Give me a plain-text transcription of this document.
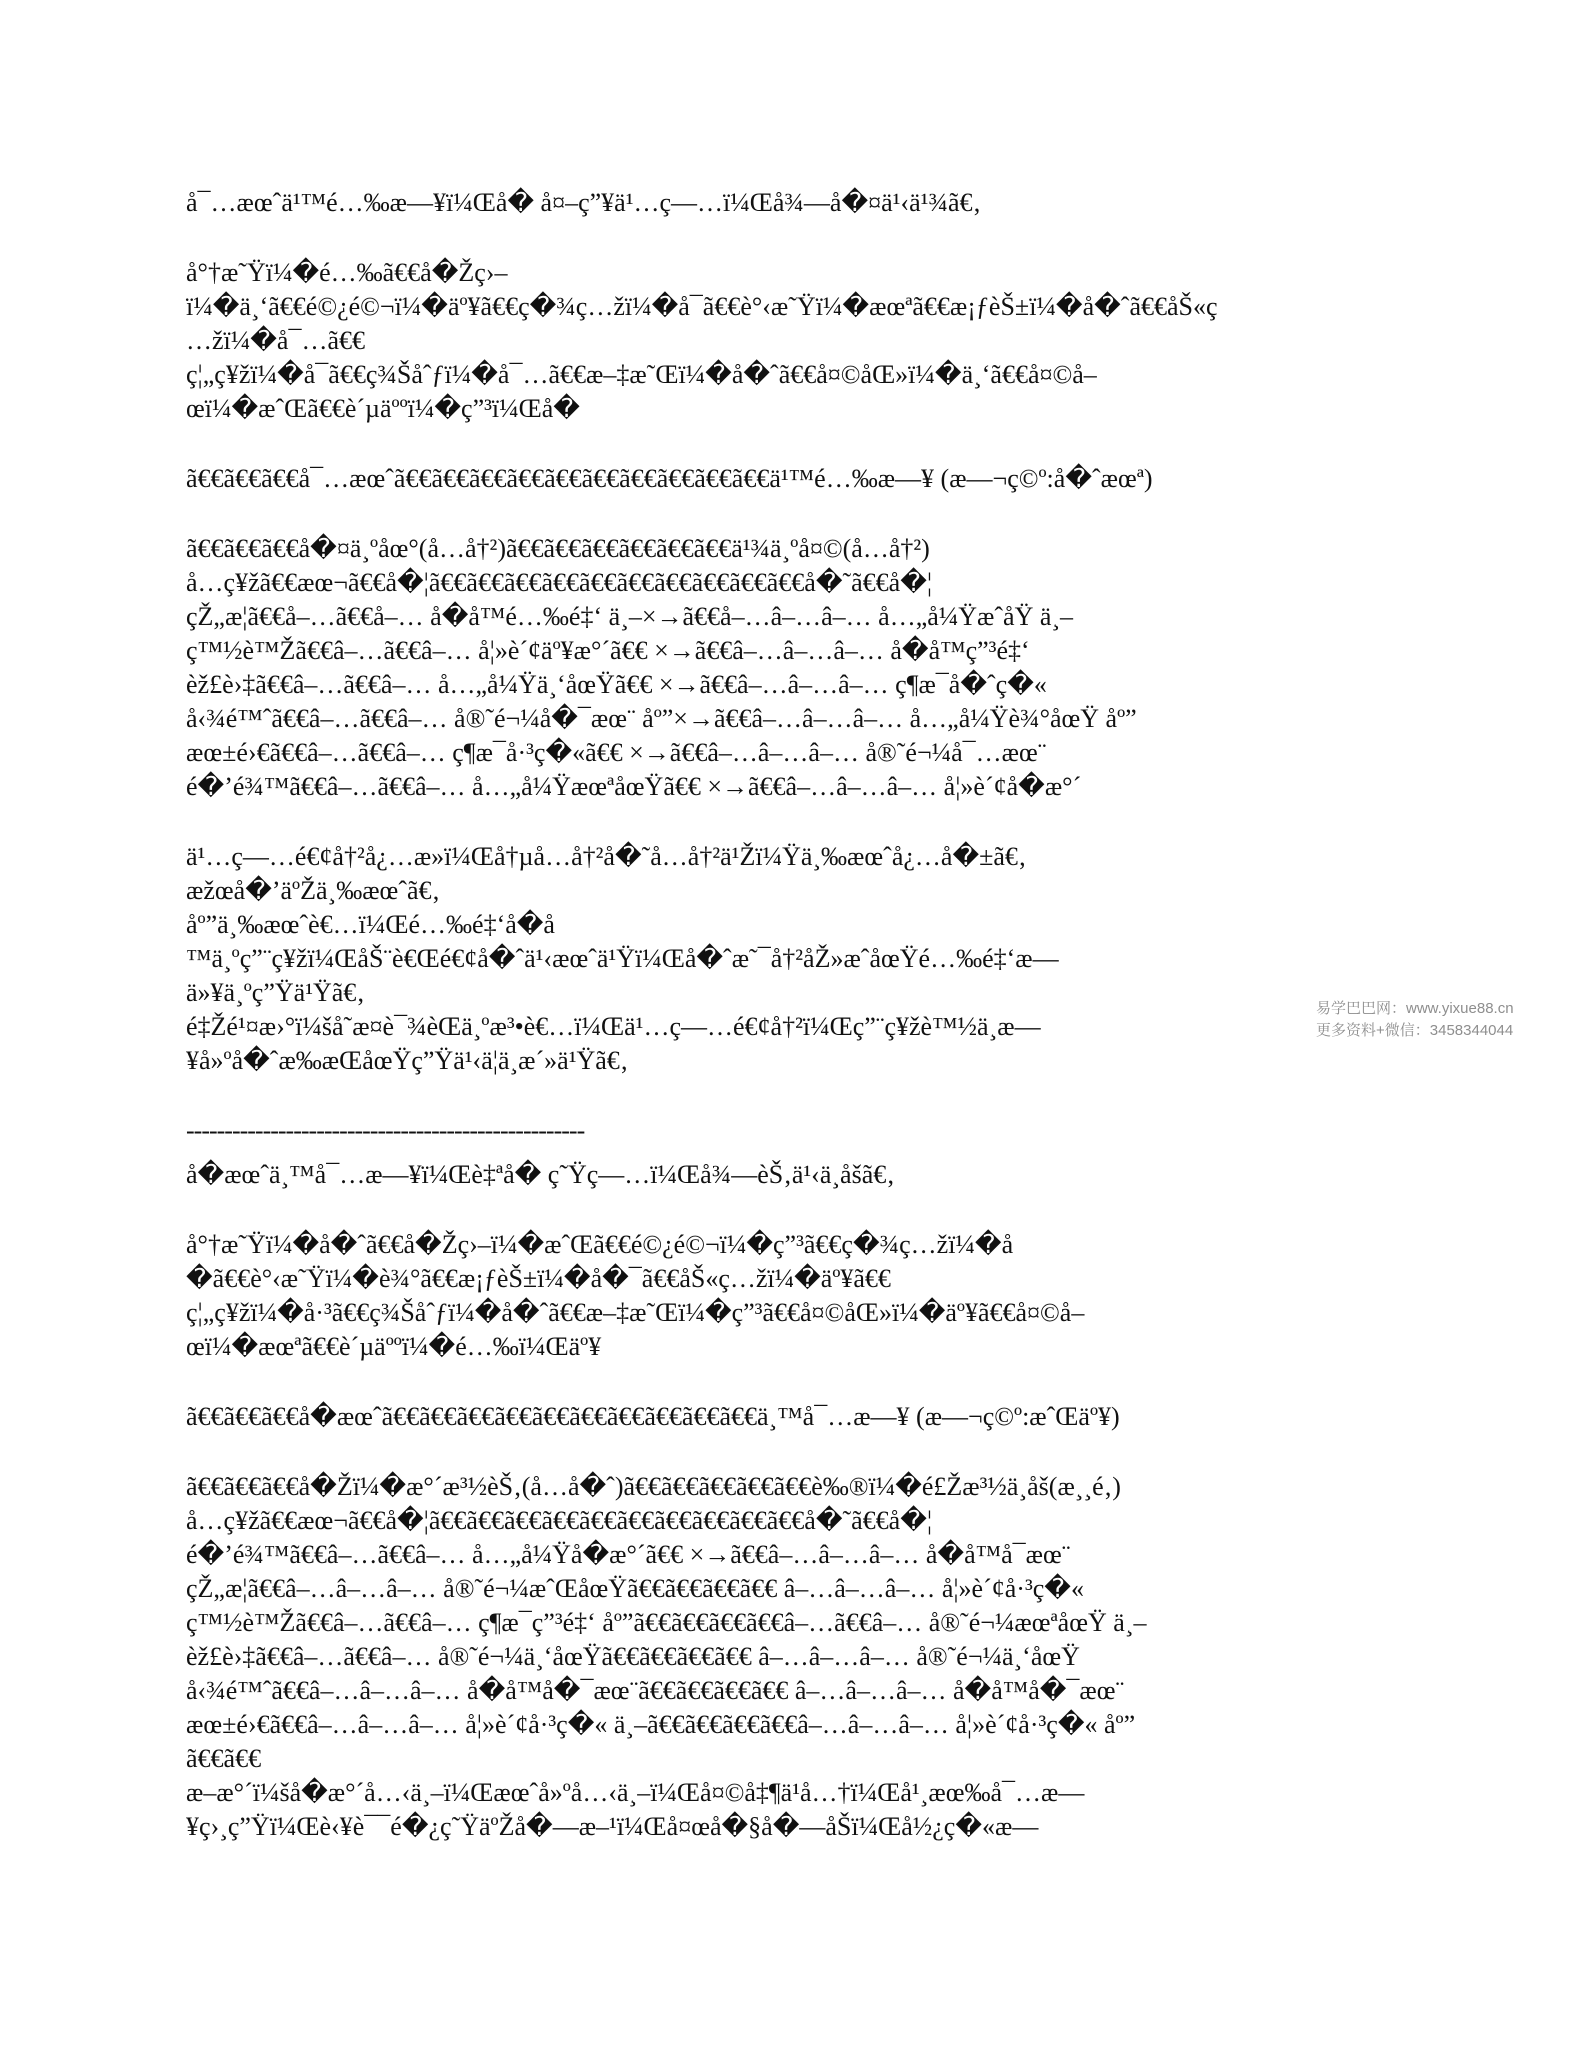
å¯…æœˆä¹™é…‰æ—¥ï¼Œå� å¤–ç”¥ä¹…ç—…ï¼Œå¾—å�¤ä¹‹ä¹¾ã€‚
å°†æ˜Ÿï¼�é…‰ã€€å�Žç›–
ï¼�ä¸‘ã€€é©¿é©¬ï¼�äº¥ã€€ç�¾ç…žï¼�å¯ã€€è°‹æ˜Ÿï¼�æœªã€€æ¡ƒèŠ±ï¼�å�ˆã€€åŠ«ç
…žï¼�å¯…ã€€
ç¦„ç¥žï¼�å¯ã€€ç¾Šåˆƒï¼�å¯…ã€€æ–‡æ˜Œï¼�å�ˆã€€å¤©åŒ»ï¼�ä¸‘ã€€å¤©å–
œï¼�æˆŒã€€è´µäººï¼�ç”³ï¼Œå�
ã€€ã€€ã€€å¯…æœˆã€€ã€€ã€€ã€€ã€€ã€€ã€€ã€€ã€€ã€€ä¹™é…‰æ—¥ (æ—¬ç©º:å�ˆæœª)
ã€€ã€€ã€€å�¤ä¸ºåœ°(å…å†²)ã€€ã€€ã€€ã€€ã€€ã€€ä¹¾ä¸ºå¤©(å…å†²)
å…ç¥žã€€æœ¬ã€€å�¦ã€€ã€€ã€€ã€€ã€€ã€€ã€€ã€€ã€€ã€€å�˜ã€€å�¦
çŽ„æ¦ã€€å–…ã€€å–… å�å™é…‰é‡‘ ä¸–×→ã€€å–…â–…â–… å…„å¼ŸæˆåŸ ä¸–
ç™½è™Žã€€â–…ã€€â–… å¦»è´¢äº¥æ°´ã€€ ×→ã€€â–…â–…â–… å�å™ç”³é‡‘
èž£è›‡ã€€â–…ã€€â–… å…„å¼Ÿä¸‘åœŸã€€ ×→ã€€â–…â–…â–… ç¶æ¯å�ˆç�«
å‹¾é™ˆã€€â–…ã€€â–… å®˜é¬¼å�¯æœ¨ åº”×→ã€€â–…â–…â–… å…„å¼Ÿè¾°åœŸ åº”
æœ±é›€ã€€â–…ã€€â–… ç¶æ¯å·³ç�«ã€€ ×→ã€€â–…â–…â–… å®˜é¬¼å¯…æœ¨
é�’é¾™ã€€â–…ã€€â–… å…„å¼ŸæœªåœŸã€€ ×→ã€€â–…â–…â–… å¦»è´¢å�æ°´
ä¹…ç—…é€¢å†²å¿…æ»ï¼Œå†µå…å†²å�˜å…å†²ä¹Žï¼Ÿä¸‰æœˆå¿…å�±ã€‚
æžœå�’äºŽä¸‰æœˆã€‚
åº”ä¸‰æœˆè€…ï¼Œé…‰é‡‘å�å
™ä¸ºç”¨ç¥žï¼ŒåŠ¨è€Œé€¢å�ˆä¹‹æœˆä¹Ÿï¼Œå�ˆæ˜¯å†²åŽ»æˆåœŸé…‰é‡‘æ—
ä»¥ä¸ºç”Ÿä¹Ÿã€‚
é‡Žé¹¤æ›°ï¼šå˜æ¤è¯¾èŒä¸ºæ³•è€…ï¼Œä¹…ç—…é€¢å†²ï¼Œç”¨ç¥žè™½ä¸æ—
¥å»ºå�ˆæ‰æŒåœŸç”Ÿä¹‹ä¦ä¸æ´»ä¹Ÿã€‚
----------------------------------------------------
å�æœˆä¸™å¯…æ—¥ï¼Œè‡ªå� ç˜Ÿç—…ï¼Œå¾—èŠ‚ä¹‹ä¸åšã€‚
å°†æ˜Ÿï¼�å�ˆã€€å�Žç›–ï¼�æˆŒã€€é©¿é©¬ï¼�ç”³ã€€ç�¾ç…žï¼�å
�ã€€è°‹æ˜Ÿï¼�è¾°ã€€æ¡ƒèŠ±ï¼�å�¯ã€€åŠ«ç…žï¼�äº¥ã€€
ç¦„ç¥žï¼�å·³ã€€ç¾Šåˆƒï¼�å�ˆã€€æ–‡æ˜Œï¼�ç”³ã€€å¤©åŒ»ï¼�äº¥ã€€å¤©å–
œï¼�æœªã€€è´µäººï¼�é…‰ï¼Œäº¥
ã€€ã€€ã€€å�æœˆã€€ã€€ã€€ã€€ã€€ã€€ã€€ã€€ã€€ã€€ä¸™å¯…æ—¥ (æ—¬ç©º:æˆŒäº¥)
ã€€ã€€ã€€å�Žï¼�æ°´æ³½èŠ‚(å…å�ˆ)ã€€ã€€ã€€ã€€ã€€è‰®ï¼�é£Žæ³½ä¸åš(æ¸¸é‚)
å…ç¥žã€€æœ¬ã€€å�¦ã€€ã€€ã€€ã€€ã€€ã€€ã€€ã€€ã€€ã€€å�˜ã€€å�¦
é�’é¾™ã€€â–…ã€€â–… å…„å¼Ÿå�æ°´ã€€ ×→ã€€â–…â–…â–… å�å™å¯æœ¨
çŽ„æ¦ã€€â–…â–…â–… å®˜é¬¼æˆŒåœŸã€€ã€€ã€€ã€€ â–…â–…â–… å¦»è´¢å·³ç�«
ç™½è™Žã€€â–…ã€€â–… ç¶æ¯ç”³é‡‘ åº”ã€€ã€€ã€€ã€€â–…ã€€â–… å®˜é¬¼æœªåœŸ ä¸–
èž£è›‡ã€€â–…ã€€â–… å®˜é¬¼ä¸‘åœŸã€€ã€€ã€€ã€€ â–…â–…â–… å®˜é¬¼ä¸‘åœŸ
å‹¾é™ˆã€€â–…â–…â–… å�å™å�¯æœ¨ã€€ã€€ã€€ã€€ â–…â–…â–… å�å™å�¯æœ¨
æœ±é›€ã€€â–…â–…â–… å¦»è´¢å·³ç�« ä¸–ã€€ã€€ã€€ã€€â–…â–…â–… å¦»è´¢å·³ç�« åº”
ã€€ã€€
æ–æ°´ï¼šå�æ°´å…‹ä¸–ï¼Œæœˆå»ºå…‹ä¸–ï¼Œå¤©å‡¶ä¹å…†ï¼Œå¹¸æœ‰å¯…æ—
¥ç›¸ç”Ÿï¼Œè‹¥è¯¯é�¿ç˜ŸäºŽå�—æ–¹ï¼Œå¤œå�§å�—åŠï¼Œå½¿ç�«æ—
易学巴巴网：www.yixue88.cn
更多资料+微信：3458344044
